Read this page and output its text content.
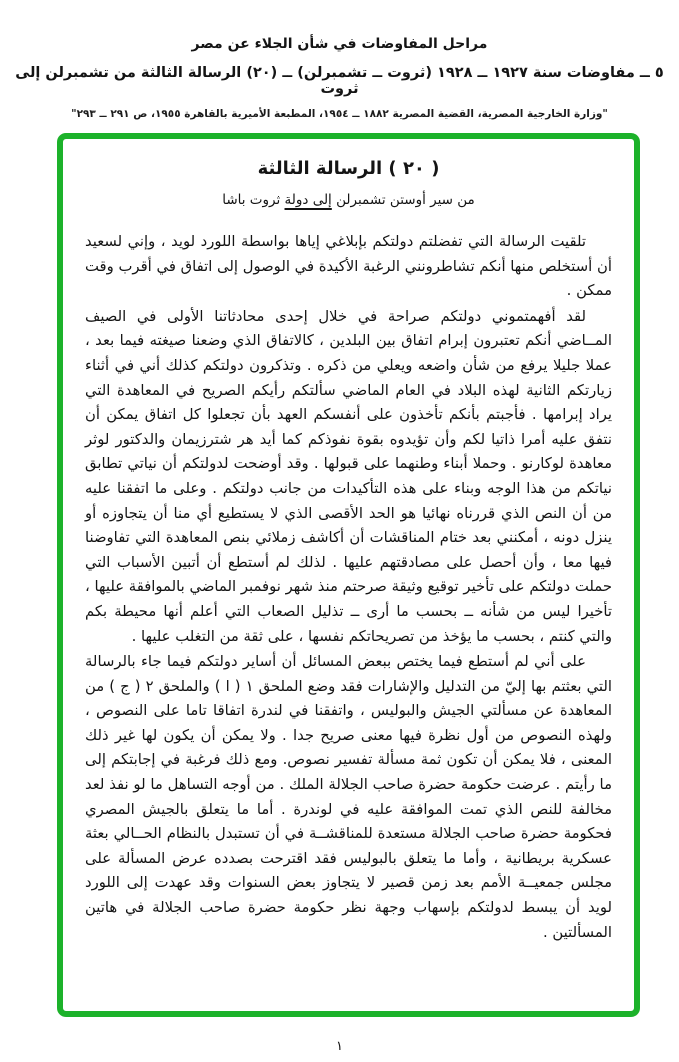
مراحل المفاوضات في شأن الجلاء عن مصر
٥ ــ مفاوضات سنة ١٩٢٧ ــ ١٩٢٨ (ثروت ــ تشمبرلن) ــ (٢٠) الرسالة الثالثة من تشمبرلن إلى ثروت
"وزارة الخارجية المصرية، القضية المصرية ١٨٨٢ ــ ١٩٥٤، المطبعة الأميرية بالقاهرة ١٩٥٥، ص ٢٩١ ــ ٢٩٣"
( ٢٠ ) الرسالة الثالثة
من سير أوستن تشمبرلن إلى دولة ثروت باشا

تلقيت الرسالة التي تفضلتم دولتكم بإبلاغي إياها بواسطة اللورد لويد ، وإني لسعيد أن أستخلص منها أنكم تشاطرونني الرغبة الأكيدة في الوصول إلى اتفاق في أقرب وقت ممكن .

لقد أفهمتموني دولتكم صراحة في خلال إحدى محادثاتنا الأولى في الصيف المــاضي أنكم تعتبرون إبرام اتفاق بين البلدين ، كالاتفاق الذي وضعنا صيغته فيما بعد ، عملا جليلا يرفع من شأن واضعه ويعلي من ذكره . وتذكرون دولتكم كذلك أني في أثناء زيارتكم الثانية لهذه البلاد في العام الماضي سألتكم رأيكم الصريح في المعاهدة التي يراد إبرامها . فأجبتم بأنكم تأخذون على أنفسكم العهد بأن تجعلوا كل اتفاق يمكن أن نتفق عليه أمرا ذاتيا لكم وأن تؤيدوه بقوة نفوذكم كما أيد هر شترزيمان والدكتور لوثر معاهدة لوكارنو . وحملا أبناء وطنهما على قبولها . وقد أوضحت لدولتكم أن نياتي تطابق نياتكم من هذا الوجه وبناء على هذه التأكيدات من جانب دولتكم . وعلى ما اتفقنا عليه من أن النص الذي قررناه نهائيا هو الحد الأقصى الذي لا يستطيع أي منا أن يتجاوزه أو ينزل دونه ، أمكنني بعد ختام المناقشات أن أكاشف زملائي بنص المعاهدة التي تفاوضنا فيها معا ، وأن أحصل على مصادقتهم عليها . لذلك لم أستطع أن أتبين الأسباب التي حملت دولتكم على تأخير توقيع وثيقة صرحتم منذ شهر نوفمبر الماضي بالموافقة عليها ، تأخيرا ليس من شأنه ــ بحسب ما أرى ــ تذليل الصعاب التي أعلم أنها محيطة بكم والتي كنتم ، بحسب ما يؤخذ من تصريحاتكم نفسها ، على ثقة من التغلب عليها .

على أني لم أستطع فيما يختص ببعض المسائل أن أساير دولتكم فيما جاء بالرسالة التي بعثتم بها إليّ من التدليل والإشارات فقد وضع الملحق ١ ( ا ) والملحق ٢ ( ج ) من المعاهدة عن مسألتي الجيش والبوليس ، واتفقنا في لندرة اتفاقا تاما على النصوص ، ولهذه النصوص من أول نظرة فيها معنى صريح جدا . ولا يمكن أن يكون لها غير ذلك المعنى ، فلا يمكن أن تكون ثمة مسألة تفسير نصوص. ومع ذلك فرغبة في إجابتكم إلى ما رأيتم . عرضت حكومة حضرة صاحب الجلالة الملك . من أوجه التساهل ما لو نفذ لعد مخالفة للنص الذي تمت الموافقة عليه في لوندرة . أما ما يتعلق بالجيش المصري فحكومة حضرة صاحب الجلالة مستعدة للمناقشــة في أن تستبدل بالنظام الحــالي بعثة عسكرية بريطانية ، وأما ما يتعلق بالبوليس فقد اقترحت بصدده عرض المسألة على مجلس جمعيــة الأمم بعد زمن قصير لا يتجاوز بعض السنوات وقد عهدت إلى اللورد لويد أن يبسط لدولتكم بإسهاب وجهة نظر حكومة حضرة صاحب الجلالة في هاتين المسألتين .

١
